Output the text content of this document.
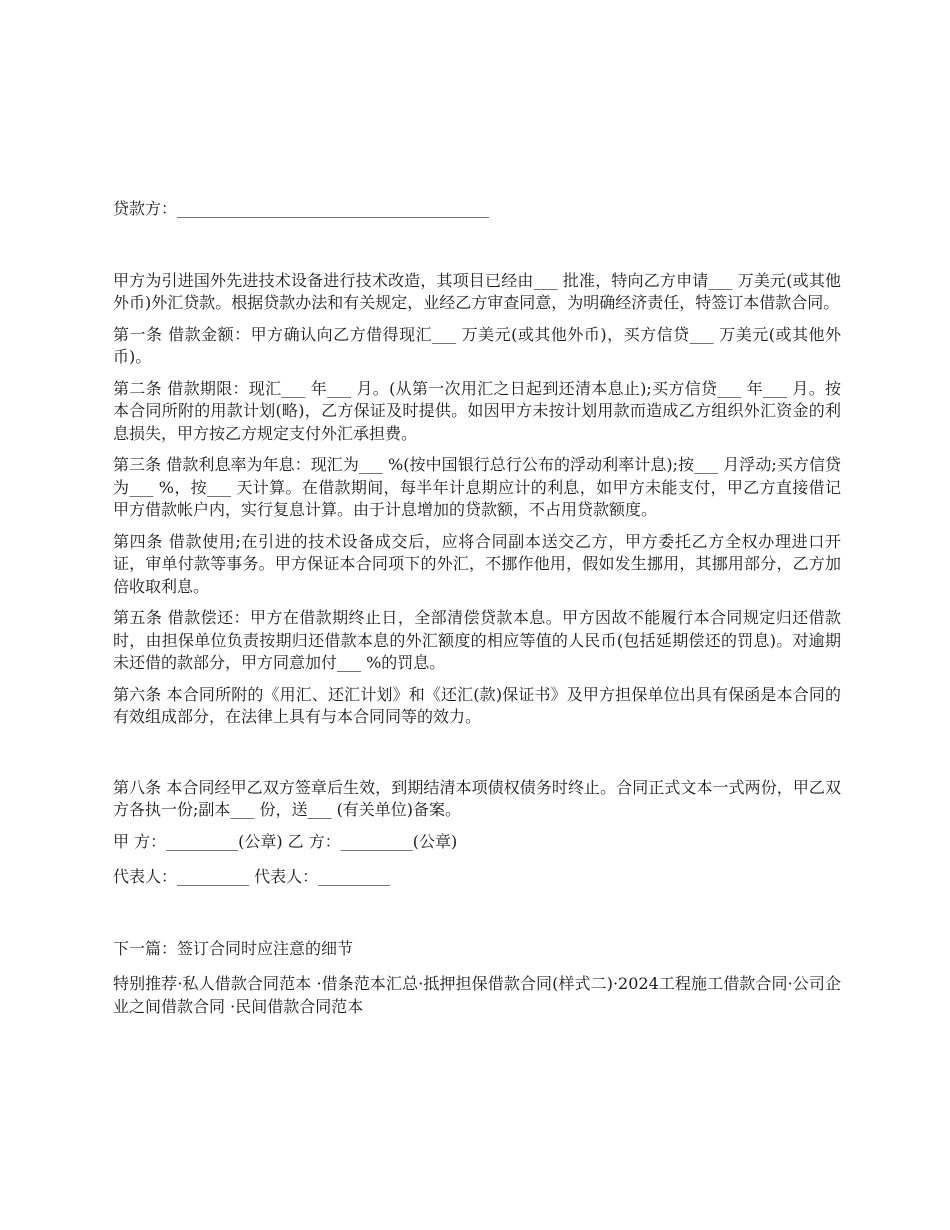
贷款方：_______________________________________

甲方为引进国外先进技术设备进行技术改造，其项目已经由___ 批准，特向乙方申请___ 万美元(或其他外币)外汇贷款。根据贷款办法和有关规定，业经乙方审查同意，为明确经济责任，特签订本借款合同。

第一条 借款金额：甲方确认向乙方借得现汇___ 万美元(或其他外币)，买方信贷___ 万美元(或其他外币)。

第二条 借款期限：现汇___ 年___ 月。(从第一次用汇之日起到还清本息止);买方信贷___ 年___ 月。按本合同所附的用款计划(略)，乙方保证及时提供。如因甲方未按计划用款而造成乙方组织外汇资金的利息损失，甲方按乙方规定支付外汇承担费。

第三条 借款利息率为年息：现汇为___ %(按中国银行总行公布的浮动利率计息);按___ 月浮动;买方信贷为___ %，按___ 天计算。在借款期间，每半年计息期应计的利息，如甲方未能支付，甲乙方直接借记甲方借款帐户内，实行复息计算。由于计息增加的贷款额，不占用贷款额度。

第四条 借款使用;在引进的技术设备成交后，应将合同副本送交乙方，甲方委托乙方全权办理进口开证，审单付款等事务。甲方保证本合同项下的外汇，不挪作他用，假如发生挪用，其挪用部分，乙方加倍收取利息。

第五条 借款偿还：甲方在借款期终止日，全部清偿贷款本息。甲方因故不能履行本合同规定归还借款时，由担保单位负责按期归还借款本息的外汇额度的相应等值的人民币(包括延期偿还的罚息)。对逾期未还借的款部分，甲方同意加付___ %的罚息。

第六条 本合同所附的《用汇、还汇计划》和《还汇(款)保证书》及甲方担保单位出具有保函是本合同的有效组成部分，在法律上具有与本合同同等的效力。

第八条 本合同经甲乙双方签章后生效，到期结清本项债权债务时终止。合同正式文本一式两份，甲乙双方各执一份;副本___ 份，送___ (有关单位)备案。

甲 方：_________(公章) 乙 方：_________(公章)

代表人：_________ 代表人：_________

下一篇：签订合同时应注意的细节

特别推荐·私人借款合同范本 ·借条范本汇总·抵押担保借款合同(样式二)·2024工程施工借款合同·公司企业之间借款合同 ·民间借款合同范本
